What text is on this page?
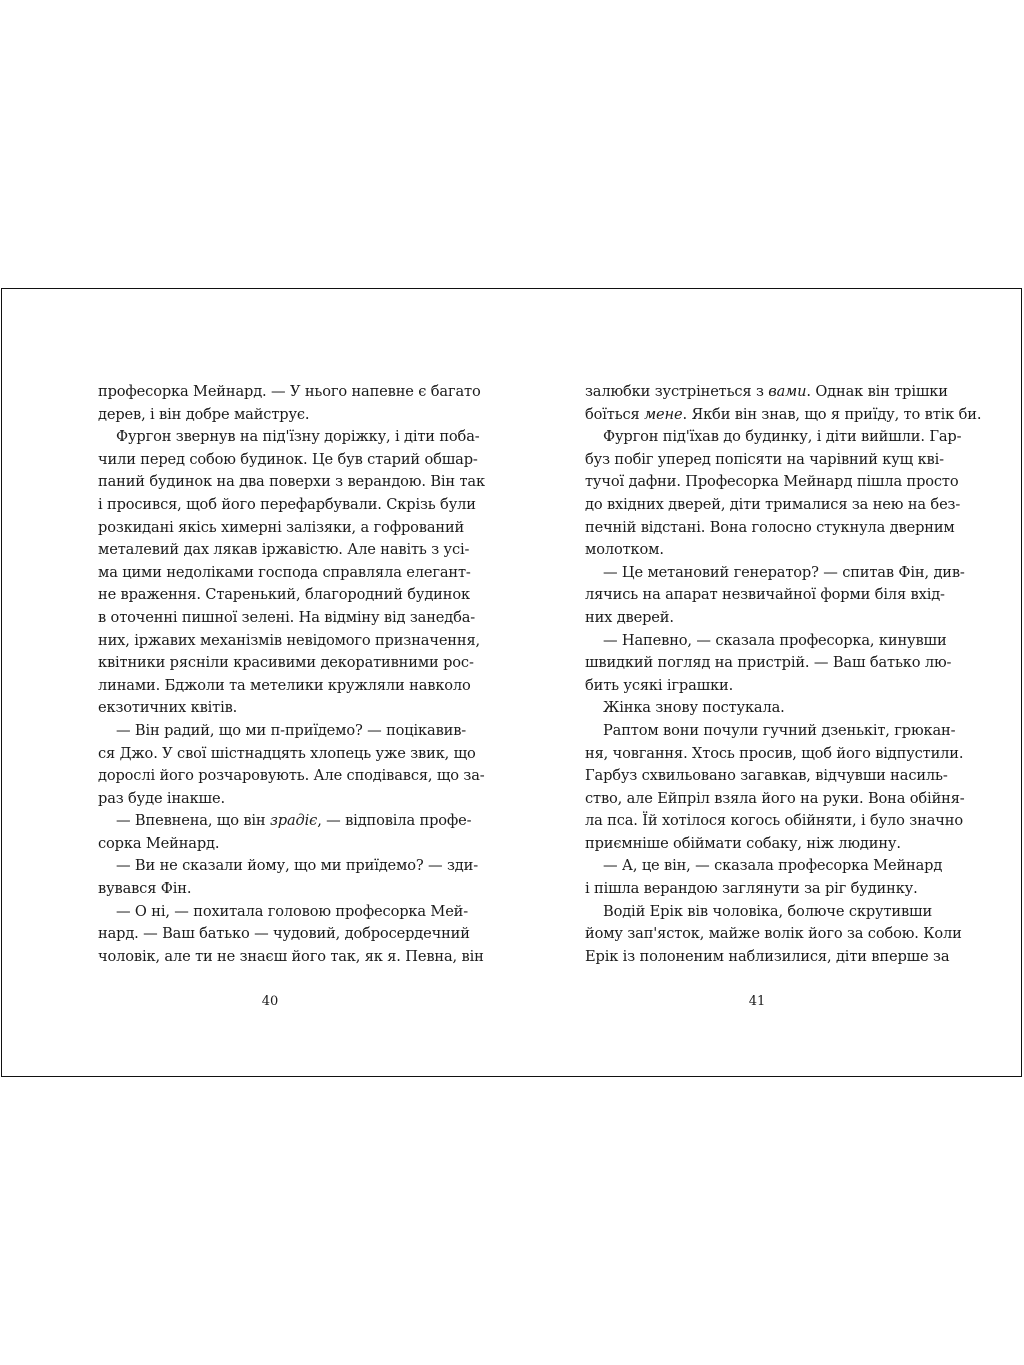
професорка Мейнард. — У нього напевне є багато
дерев, і він добре майструє.
Фургон звернув на під'їзну доріжку, і діти поба-
чили перед собою будинок. Це був старий обшар-
паний будинок на два поверхи з верандою. Він так
і просився, щоб його перефарбували. Скрізь були
розкидані якісь химерні залізяки, а гофрований
металевий дах лякав іржавістю. Але навіть з усі-
ма цими недоліками господа справляла елегант-
не враження. Старенький, благородний будинок
в оточенні пишної зелені. На відміну від занедба-
них, іржавих механізмів невідомого призначення,
квітники рясніли красивими декоративними рос-
линами. Бджоли та метелики кружляли навколо
екзотичних квітів.
— Він радий, що ми п-приїдемо? — поцікавив-
ся Джо. У свої шістнадцять хлопець уже звик, що
дорослі його розчаровують. Але сподівався, що за-
раз буде інакше.
— Впевнена, що він зрадіє, — відповіла профе-
сорка Мейнард.
— Ви не сказали йому, що ми приїдемо? — зди-
вувався Фін.
— О ні, — похитала головою професорка Мей-
нард. — Ваш батько — чудовий, добросердечний
чоловік, але ти не знаєш його так, як я. Певна, він
40
залюбки зустрінеться з вами. Однак він трішки
боїться мене. Якби він знав, що я приїду, то втік би.
Фургон під'їхав до будинку, і діти вийшли. Гар-
буз побіг уперед попісяти на чарівний кущ кві-
тучої дафни. Професорка Мейнард пішла просто
до вхідних дверей, діти трималися за нею на без-
печній відстані. Вона голосно стукнула дверним
молотком.
— Це метановий генератор? — спитав Фін, див-
лячись на апарат незвичайної форми біля вхід-
них дверей.
— Напевно, — сказала професорка, кинувши
швидкий погляд на пристрій. — Ваш батько лю-
бить усякі іграшки.
Жінка знову постукала.
Раптом вони почули гучний дзенькіт, грюкан-
ня, човгання. Хтось просив, щоб його відпустили.
Гарбуз схвильовано загавкав, відчувши насиль-
ство, але Ейпріл взяла його на руки. Вона обійня-
ла пса. Їй хотілося когось обійняти, і було значно
приємніше обіймати собаку, ніж людину.
— А, це він, — сказала професорка Мейнард
і пішла верандою заглянути за ріг будинку.
Водій Ерік вів чоловіка, болюче скрутивши
йому зап'ясток, майже волік його за собою. Коли
Ерік із полоненим наблизилися, діти вперше за
41
